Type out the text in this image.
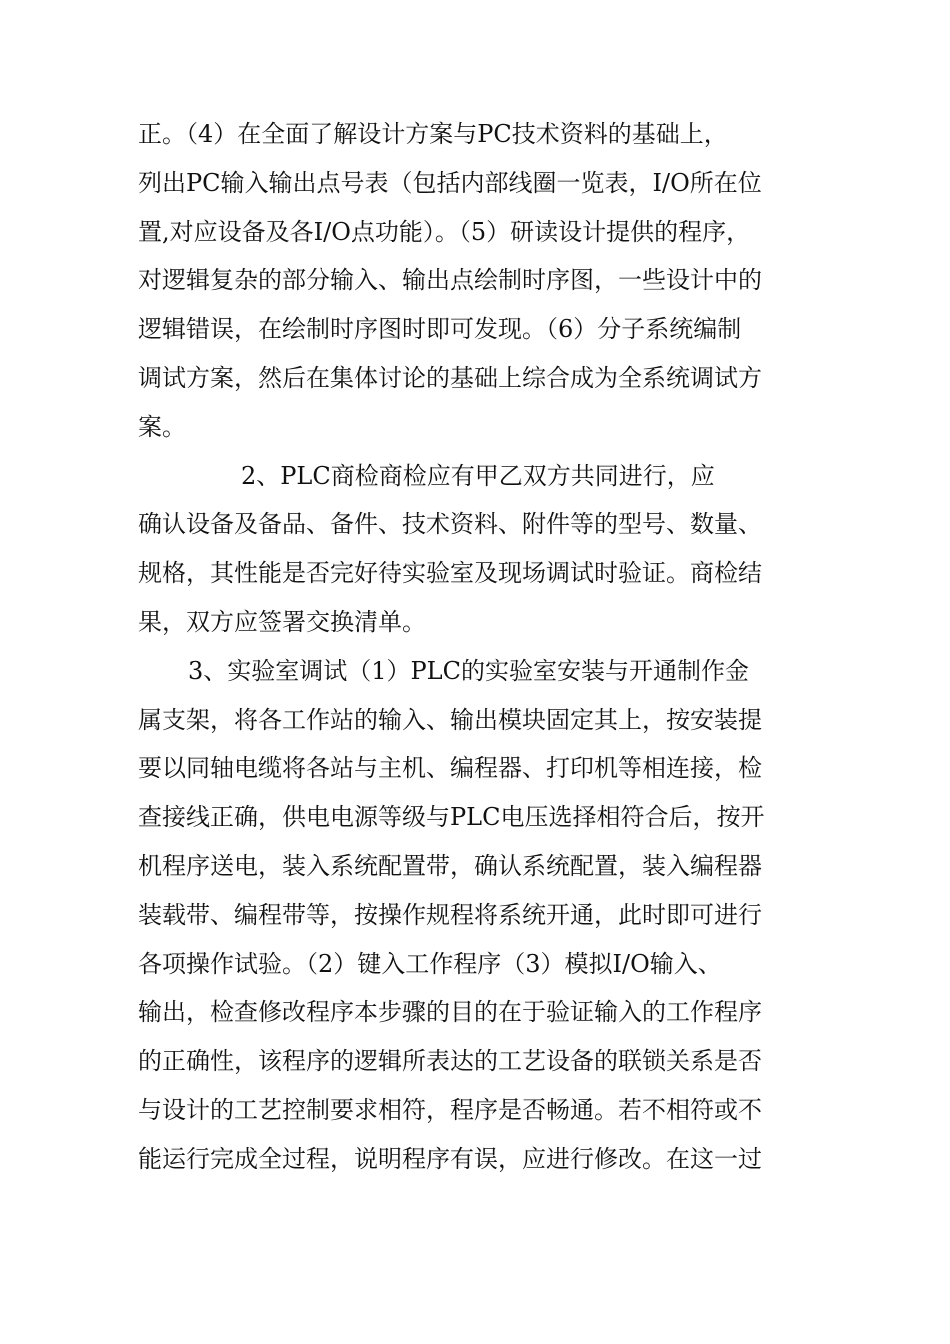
正。（4）在全面了解设计方案与PC技术资料的基础上，
列出PC输入输出点号表（包括内部线圈一览表，I/O所在位
置,对应设备及各I/O点功能）。（5）研读设计提供的程序，
对逻辑复杂的部分输入、输出点绘制时序图，一些设计中的
逻辑错误，在绘制时序图时即可发现。（6）分子系统编制
调试方案，然后在集体讨论的基础上综合成为全系统调试方
案。
2、PLC商检商检应有甲乙双方共同进行，应
确认设备及备品、备件、技术资料、附件等的型号、数量、
规格，其性能是否完好待实验室及现场调试时验证。商检结
果，双方应签署交换清单。
3、实验室调试（1）PLC的实验室安装与开通制作金
属支架，将各工作站的输入、输出模块固定其上，按安装提
要以同轴电缆将各站与主机、编程器、打印机等相连接，检
查接线正确，供电电源等级与PLC电压选择相符合后，按开
机程序送电，装入系统配置带，确认系统配置，装入编程器
装载带、编程带等，按操作规程将系统开通，此时即可进行
各项操作试验。（2）键入工作程序（3）模拟I/O输入、
输出，检查修改程序本步骤的目的在于验证输入的工作程序
的正确性，该程序的逻辑所表达的工艺设备的联锁关系是否
与设计的工艺控制要求相符，程序是否畅通。若不相符或不
能运行完成全过程，说明程序有误，应进行修改。在这一过
